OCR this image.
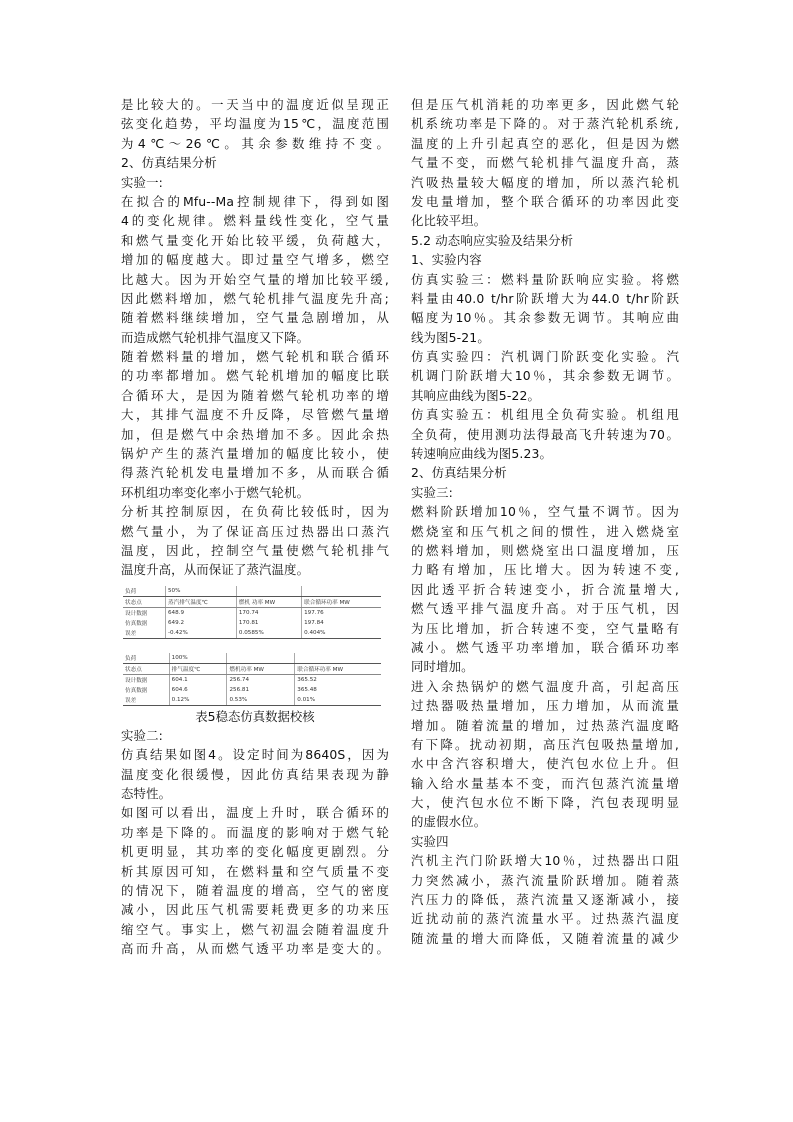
是比较大的。一天当中的温度近似呈现正
弦变化趋势，平均温度为15℃，温度范围
为4℃～26℃。其余参数维持不变。
2、仿真结果分析
实验一:
在拟合的Mfu--Ma控制规律下，得到如图
4的变化规律。燃料量线性变化，空气量
和燃气量变化开始比较平缓，负荷越大，
增加的幅度越大。即过量空气增多，燃空
比越大。因为开始空气量的增加比较平缓,
因此燃料增加，燃气轮机排气温度先升高;
随着燃料继续增加，空气量急剧增加，从
而造成燃气轮机排气温度又下降。
随着燃料量的增加，燃气轮机和联合循环
的功率都增加。燃气轮机增加的幅度比联
合循环大，是因为随着燃气轮机功率的增
大，其排气温度不升反降，尽管燃气量增
加，但是燃气中余热增加不多。因此余热
锅炉产生的蒸汽量增加的幅度比较小，使
得蒸汽轮机发电量增加不多，从而联合循
环机组功率变化率小于燃气轮机。
分析其控制原因，在负荷比较低时，因为
燃气量小，为了保证高压过热器出口蒸汽
温度，因此，控制空气量使燃气轮机排气
温度升高，从而保证了蒸汽温度。
负荷	50%		
状态点	蒸汽排气温度℃	燃机 功率 MW	联合循环功率 MW
设计数据	648.9	170.74	197.76
仿真数据	649.2	170.81	197.84
误差	-0.42%	0.0585%	0.404%
负荷	100%		
状态点	排气温度℃	燃机功率 MW	联合循环功率 MW
设计数据	604.1	256.74	365.52
仿真数据	604.6	256.81	365.48
误差	0.12%	0.53%	0.01%
表5稳态仿真数据校核
实验二:
仿真结果如图4。设定时间为8640S，因为
温度变化很缓慢，因此仿真结果表现为静
态特性。
如图可以看出，温度上升时，联合循环的
功率是下降的。而温度的影响对于燃气轮
机更明显，其功率的变化幅度更剧烈。分
析其原因可知，在燃料量和空气质量不变
的情况下，随着温度的增高，空气的密度
减小，因此压气机需要耗费更多的功来压
缩空气。事实上，燃气初温会随着温度升
高而升高，从而燃气透平功率是变大的。
但是压气机消耗的功率更多，因此燃气轮
机系统功率是下降的。对于蒸汽轮机系统,
温度的上升引起真空的恶化，但是因为燃
气量不变，而燃气轮机排气温度升高，蒸
汽吸热量较大幅度的增加，所以蒸汽轮机
发电量增加，整个联合循环的功率因此变
化比较平坦。
5.2 动态响应实验及结果分析
1、实验内容
仿真实验三：燃料量阶跃响应实验。将燃
料量由40.0 t/hr阶跃增大为44.0 t/hr阶跃
幅度为10％。其余参数无调节。其响应曲
线为图5-21。
仿真实验四：汽机调门阶跃变化实验。汽
机调门阶跃增大10％，其余参数无调节。
其响应曲线为图5-22。
仿真实验五：机组甩全负荷实验。机组甩
全负荷，使用测功法得最高飞升转速为70。
转速响应曲线为图5.23。
2、仿真结果分析
实验三:
燃料阶跃增加10％，空气量不调节。因为
燃烧室和压气机之间的惯性，进入燃烧室
的燃料增加，则燃烧室出口温度增加，压
力略有增加，压比增大。因为转速不变,
因此透平折合转速变小，折合流量增大,
燃气透平排气温度升高。对于压气机，因
为压比增加，折合转速不变，空气量略有
减小。燃气透平功率增加，联合循环功率
同时增加。
进入余热锅炉的燃气温度升高，引起高压
过热器吸热量增加，压力增加，从而流量
增加。随着流量的增加，过热蒸汽温度略
有下降。扰动初期，高压汽包吸热量增加,
水中含汽容积增大，使汽包水位上升。但
输入给水量基本不变，而汽包蒸汽流量增
大，使汽包水位不断下降，汽包表现明显
的虚假水位。
实验四
汽机主汽门阶跃增大10％，过热器出口阻
力突然减小，蒸汽流量阶跃增加。随着蒸
汽压力的降低，蒸汽流量又逐渐减小，接
近扰动前的蒸汽流量水平。过热蒸汽温度
随流量的增大而降低，又随着流量的减少
